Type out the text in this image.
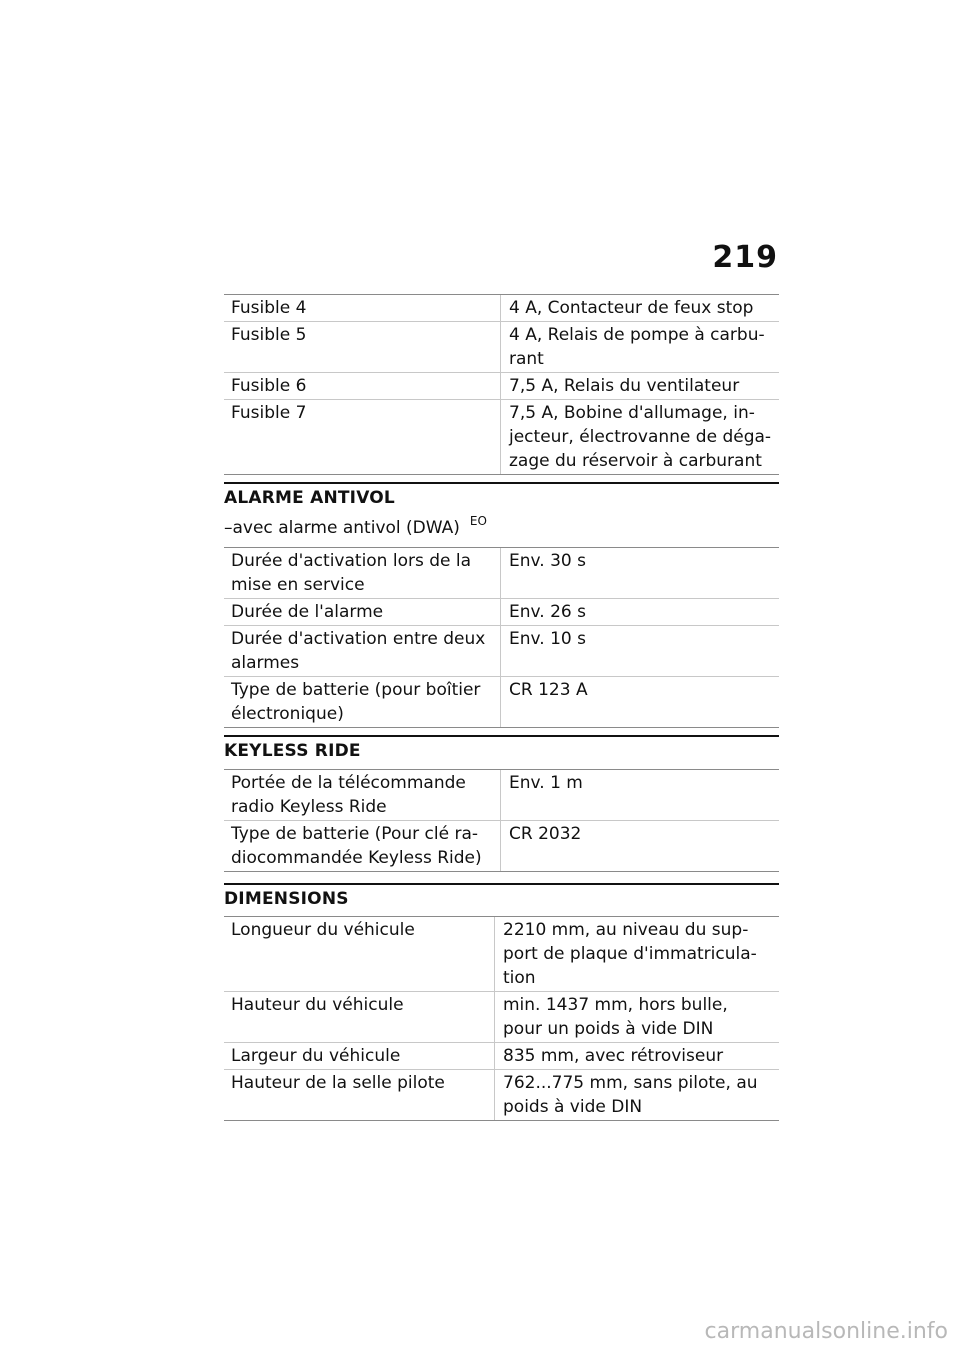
219
Fusible 4	4 A, Contacteur de feux stop
Fusible 5	4 A, Relais de pompe à carbu-
rant
Fusible 6	7,5 A, Relais du ventilateur
Fusible 7	7,5 A, Bobine d'allumage, in-
jecteur, électrovanne de déga-
zage du réservoir à carburant
ALARME ANTIVOL
–avec alarme antivol (DWA) $^{EO}$
Durée d'activation lors de la
mise en service	Env. 30 s
Durée de l'alarme	Env. 26 s
Durée d'activation entre deux
alarmes	Env. 10 s
Type de batterie (pour boîtier
électronique)	CR 123 A
KEYLESS RIDE
Portée de la télécommande
radio Keyless Ride	Env. 1 m
Type de batterie (Pour clé ra-
diocommandée Keyless Ride)	CR 2032
DIMENSIONS
Longueur du véhicule	2210 mm, au niveau du sup-
port de plaque d'immatricula-
tion
Hauteur du véhicule	min. 1437 mm, hors bulle,
pour un poids à vide DIN
Largeur du véhicule	835 mm, avec rétroviseur
Hauteur de la selle pilote	762...775 mm, sans pilote, au
poids à vide DIN
carmanualsonline.info
